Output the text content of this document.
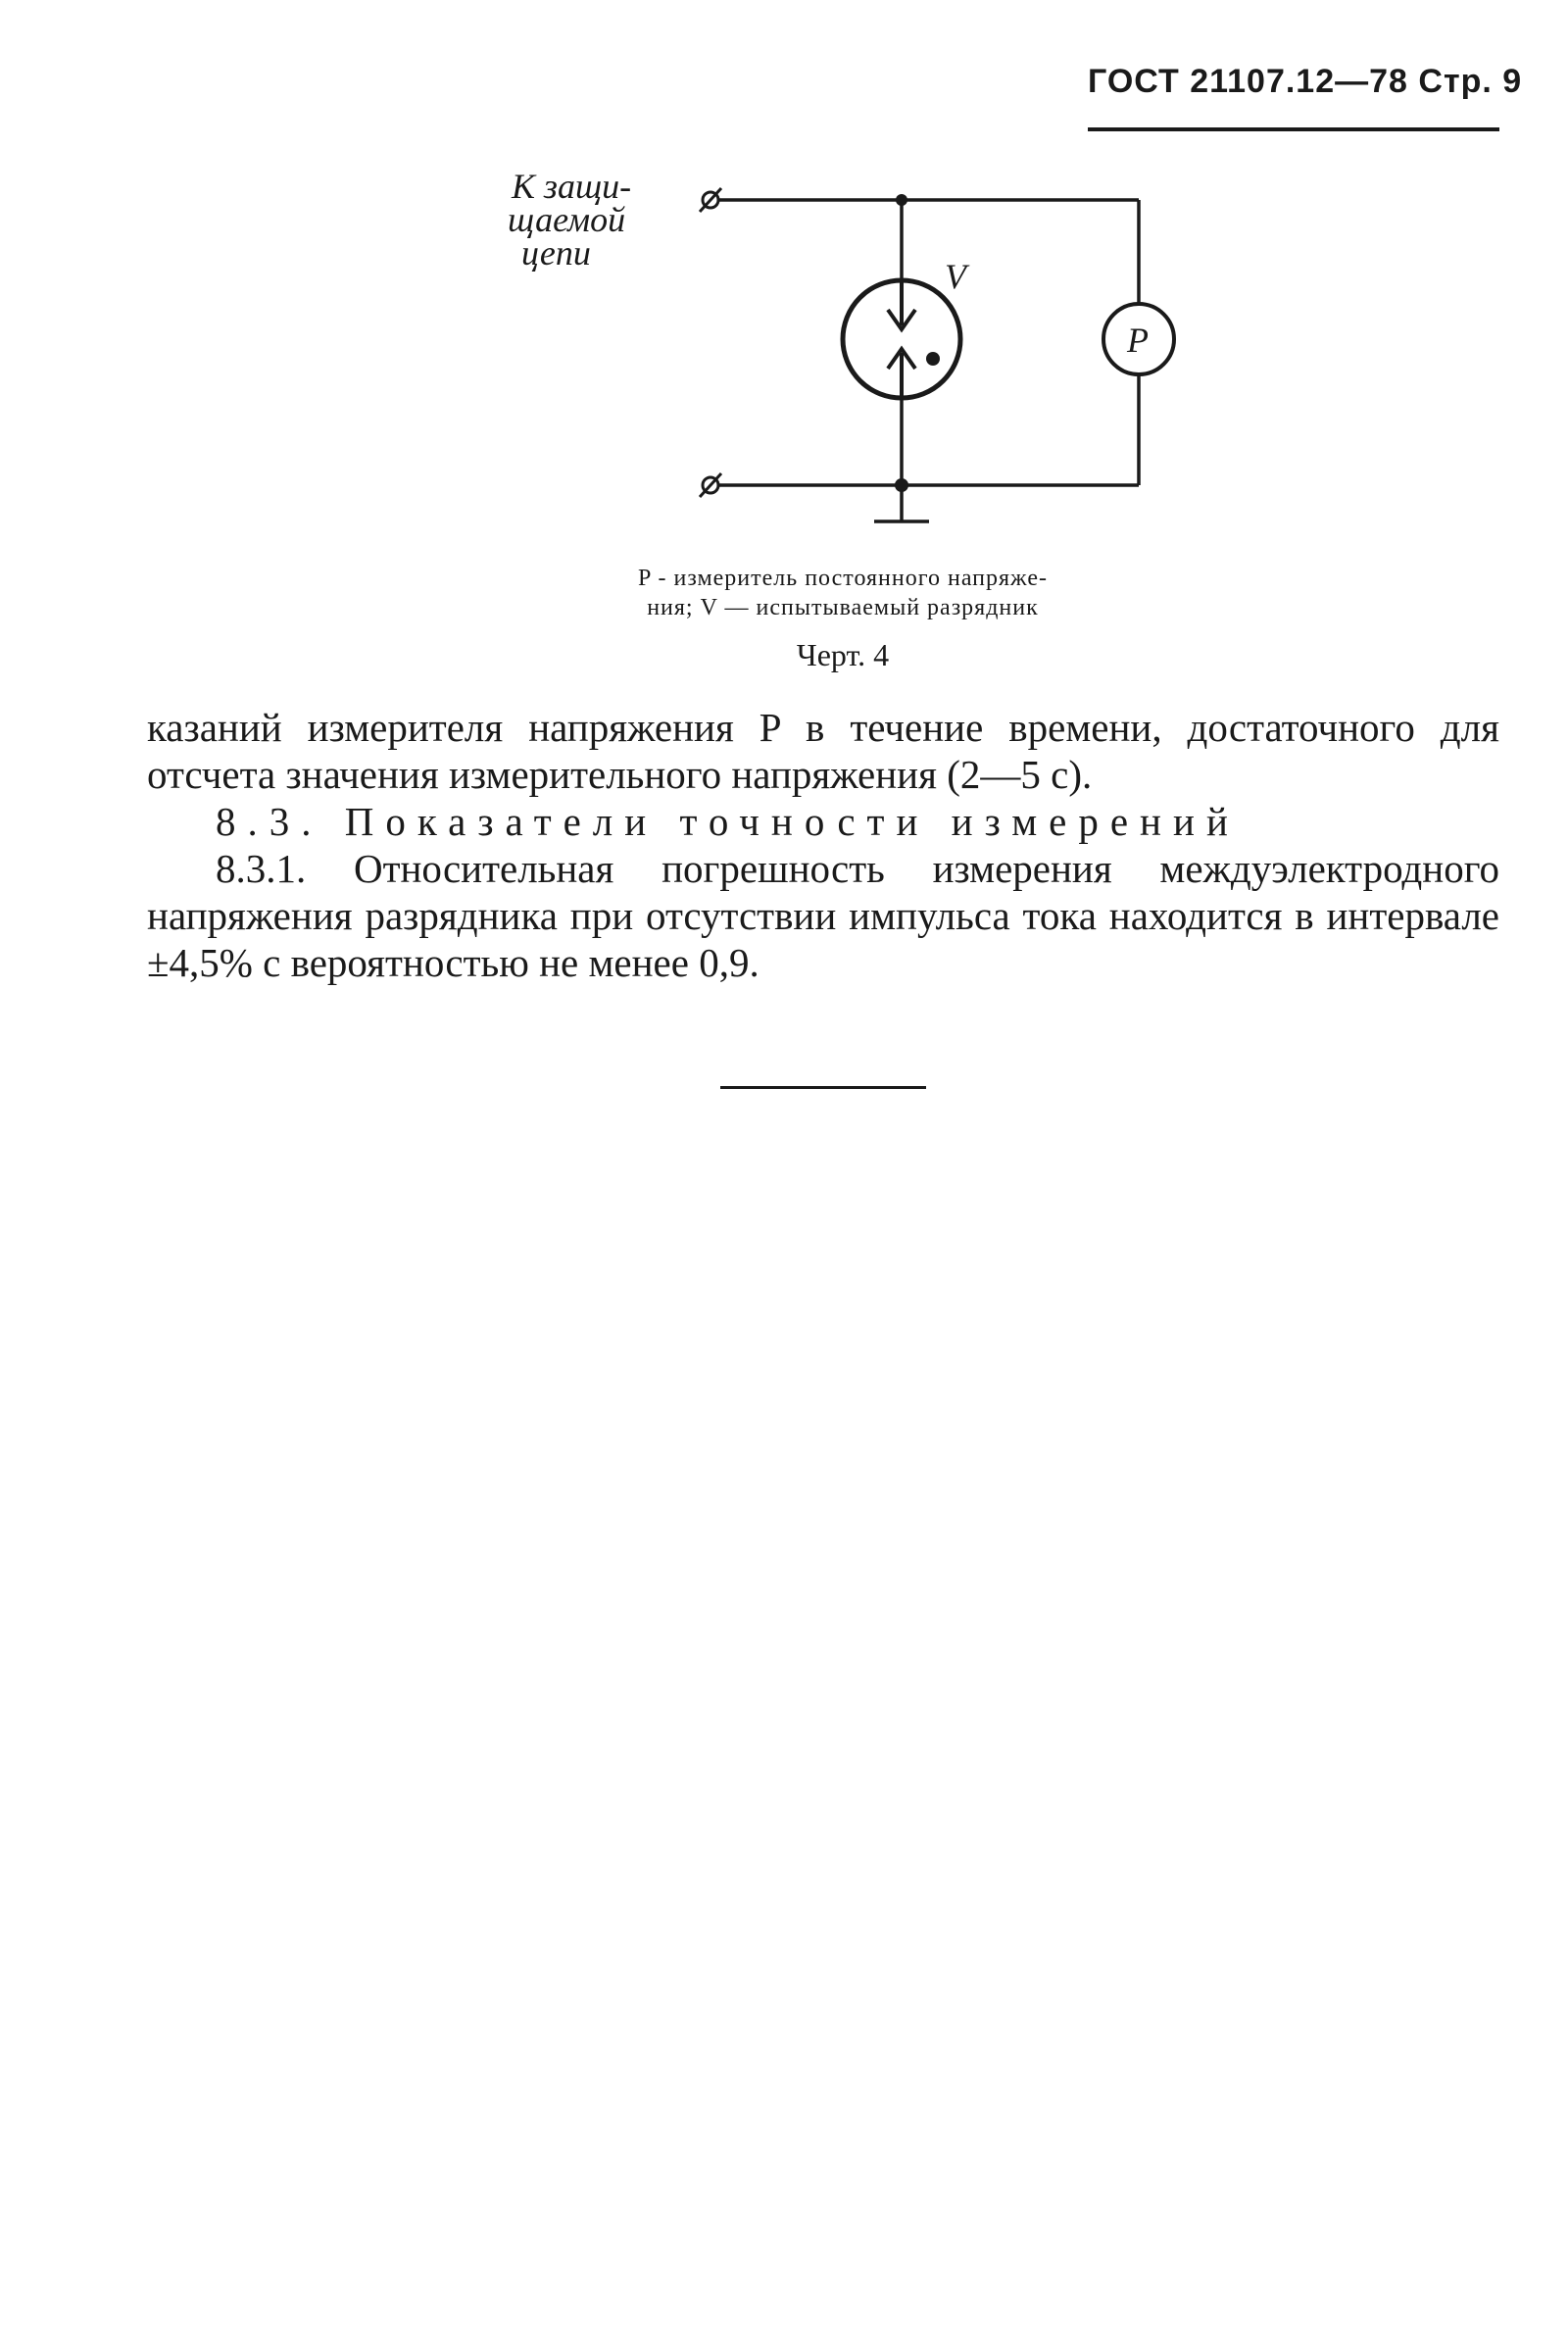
ГОСТ 21107.12—78 Стр. 9
К защи-
щаемой
цепи
V
P
P - измеритель постоянного напряже-
ния; V — испытываемый разрядник
Черт. 4
казаний измерителя напряжения P в течение времени, достаточного для отсчета значения измерительного напряжения (2—5 с).
8.3. Показатели точности измерений
8.3.1. Относительная погрешность измерения междуэлектродного напряжения разрядника при отсутствии импульса тока находится в интервале ±4,5% с вероятностью не менее 0,9.
